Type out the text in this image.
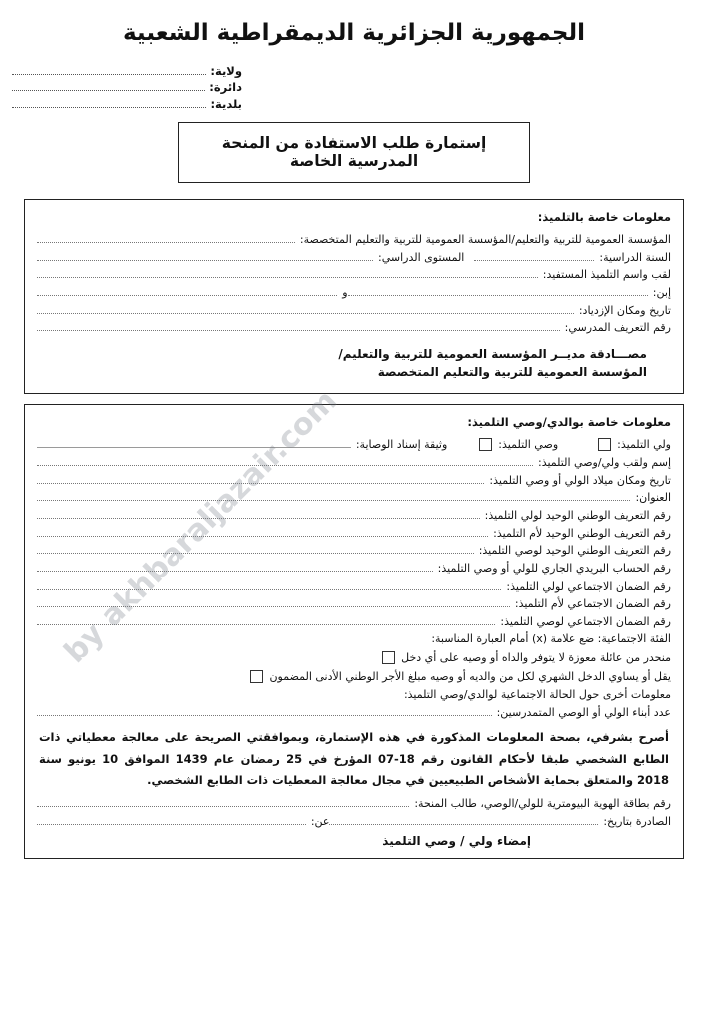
by akhbaraljazair.com
الجمهورية الجزائرية الديمقراطية الشعبية
ولاية:
دائرة:
بلدية:
إستمارة طلب الاستفادة من المنحة المدرسية الخاصة
معلومات خاصة بالتلميذ:
المؤسسة العمومية للتربية والتعليم/المؤسسة العمومية للتربية والتعليم المتخصصة:
السنة الدراسية:
المستوى الدراسي:
لقب واسم التلميذ المستفيد:
إبن:
و
تاريخ ومكان الإزدياد:
رقم التعريف المدرسي:
مصـــادقة مديــر المؤسسة العمومية للتربية والتعليم/
المؤسسة العمومية للتربية والتعليم المتخصصة
معلومات خاصة بوالدي/وصي التلميذ:
ولي التلميذ:
وصي التلميذ:
وثيقة إسناد الوصاية:
إسم ولقب ولي/وصي التلميذ:
تاريخ ومكان ميلاد الولي أو وصي التلميذ:
العنوان:
رقم التعريف الوطني الوحيد لولي التلميذ:
رقم التعريف الوطني الوحيد لأم التلميذ:
رقم التعريف الوطني الوحيد لوصي التلميذ:
رقم الحساب البريدي الجاري للولي أو وصي التلميذ:
رقم الضمان الاجتماعي لولي التلميذ:
رقم الضمان الاجتماعي لأم التلميذ:
رقم الضمان الاجتماعي لوصي التلميذ:
الفئة الاجتماعية: ضع علامة (x) أمام العبارة المناسبة:
منحدر من عائلة معوزة لا يتوفر والداه أو وصيه على أي دخل
يقل أو يساوي الدخل الشهري لكل من والديه أو وصيه مبلغ الأجر الوطني الأدنى المضمون
معلومات أخرى حول الحالة الاجتماعية لوالدي/وصي التلميذ:
عدد أبناء الولي أو الوصي المتمدرسين:
أصرح بشرفي، بصحة المعلومات المذكورة في هذه الإستمارة، وبموافقتي الصريحة على معالجة معطياتي ذات الطابع الشخصي طبقا لأحكام القانون رقم 18-07 المؤرخ في 25 رمضان عام 1439 الموافق 10 يونيو سنة 2018 والمتعلق بحماية الأشخاص الطبيعيين في مجال معالجة المعطيات ذات الطابع الشخصي.
رقم بطاقة الهوية البيومترية للولي/الوصي، طالب المنحة:
الصادرة بتاريخ:
عن:
إمضاء ولي / وصي التلميذ
